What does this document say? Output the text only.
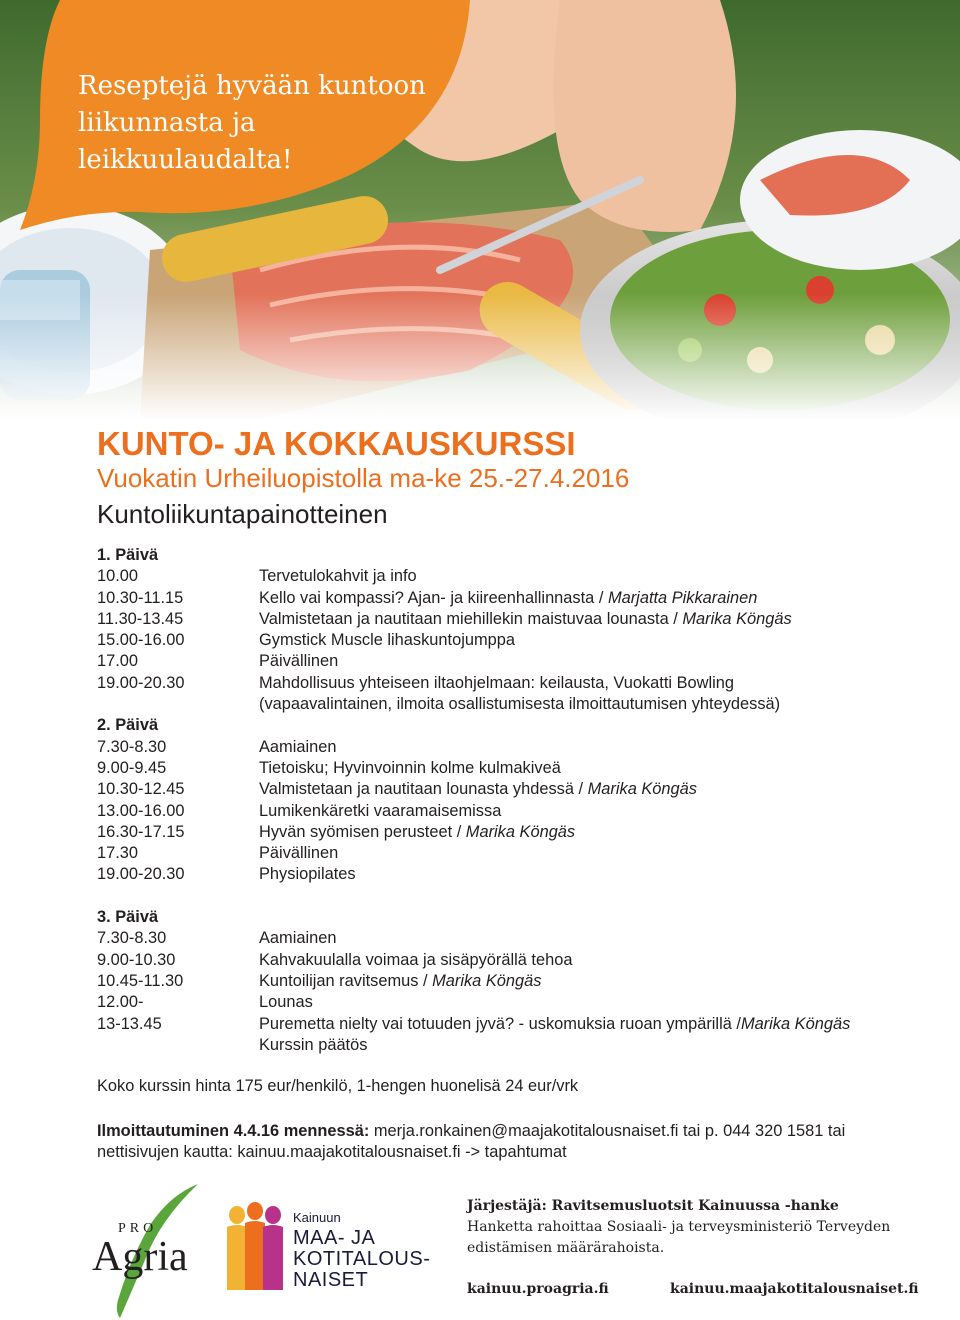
Reseptejä hyvään kuntoon
liikunnasta ja
leikkuulaudalta!
KUNTO- JA KOKKAUSKURSSI
Vuokatin Urheiluopistolla ma-ke 25.-27.4.2016
Kuntoliikuntapainotteinen
1. Päivä
10.00	Tervetulokahvit ja info
10.30-11.15	Kello vai kompassi? Ajan- ja kiireenhallinnasta / Marjatta Pikkarainen
11.30-13.45	Valmistetaan ja nautitaan miehillekin maistuvaa lounasta / Marika Köngäs
15.00-16.00	Gymstick Muscle lihaskuntojumppa
17.00	Päivällinen
19.00-20.30	Mahdollisuus yhteiseen iltaohjelmaan: keilausta, Vuokatti Bowling
(vapaavalintainen, ilmoita osallistumisesta ilmoittautumisen yhteydessä)
2. Päivä
7.30-8.30	Aamiainen
9.00-9.45	Tietoisku; Hyvinvoinnin kolme kulmakiveä
10.30-12.45	Valmistetaan ja nautitaan lounasta yhdessä / Marika Köngäs
13.00-16.00	Lumikenkäretki vaaramaisemissa
16.30-17.15	Hyvän syömisen perusteet / Marika Köngäs
17.30	Päivällinen
19.00-20.30	Physiopilates
3. Päivä
7.30-8.30	Aamiainen
9.00-10.30	Kahvakuulalla voimaa ja sisäpyörällä tehoa
10.45-11.30	Kuntoilijan ravitsemus / Marika Köngäs
12.00-	Lounas
13-13.45	Puremetta nielty vai totuuden jyvä? - uskomuksia ruoan ympärillä /Marika Köngäs
Kurssin päätös
Koko kurssin hinta 175 eur/henkilö, 1-hengen huonelisä 24 eur/vrk
Ilmoittautuminen 4.4.16 mennessä: merja.ronkainen@maajakotitalousnaiset.fi tai p. 044 320 1581 tai
nettisivujen kautta: kainuu.maajakotitalousnaiset.fi -> tapahtumat
PRO
Agria
Kainuun
MAA- JA
KOTITALOUS-
NAISET
Järjestäjä: Ravitsemusluotsit Kainuussa -hanke
Hanketta rahoittaa Sosiaali- ja terveysministeriö Terveyden
edistämisen määrärahoista.
kainuu.proagria.fi	kainuu.maajakotitalousnaiset.fi
